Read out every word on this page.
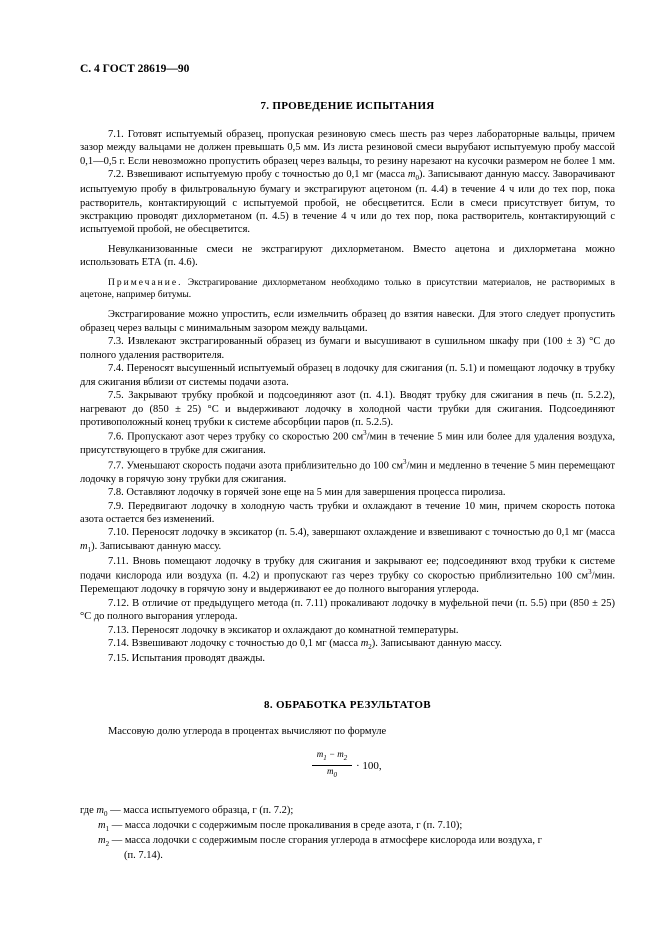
С. 4 ГОСТ 28619—90
7. ПРОВЕДЕНИЕ ИСПЫТАНИЯ

7.1. Готовят испытуемый образец, пропуская резиновую смесь шесть раз через лабораторные вальцы, причем зазор между вальцами не должен превышать 0,5 мм. Из листа резиновой смеси вырубают испытуемую пробу массой 0,1—0,5 г. Если невозможно пропустить образец через вальцы, то резину нарезают на кусочки размером не более 1 мм.

7.2. Взвешивают испытуемую пробу с точностью до 0,1 мг (масса $m_0$). Записывают данную массу. Заворачивают испытуемую пробу в фильтровальную бумагу и экстрагируют ацетоном (п. 4.4) в течение 4 ч или до тех пор, пока растворитель, контактирующий с испытуемой пробой, не обесцветится. Если в смеси присутствует битум, то экстракцию проводят дихлорметаном (п. 4.5) в течение 4 ч или до тех пор, пока растворитель, контактирующий с испытуемой пробой, не обесцветится.

Невулканизованные смеси не экстрагируют дихлорметаном. Вместо ацетона и дихлорметана можно использовать ЕТА (п. 4.6).

Примечание. Экстрагирование дихлорметаном необходимо только в присутствии материалов, не растворимых в ацетоне, например битумы.

Экстрагирование можно упростить, если измельчить образец до взятия навески. Для этого следует пропустить образец через вальцы с минимальным зазором между вальцами.

7.3. Извлекают экстрагированный образец из бумаги и высушивают в сушильном шкафу при (100 ± 3) °С до полного удаления растворителя.

7.4. Переносят высушенный испытуемый образец в лодочку для сжигания (п. 5.1) и помещают лодочку в трубку для сжигания вблизи от системы подачи азота.

7.5. Закрывают трубку пробкой и подсоединяют азот (п. 4.1). Вводят трубку для сжигания в печь (п. 5.2.2), нагревают до (850 ± 25) °С и выдерживают лодочку в холодной части трубки для сжигания. Подсоединяют противоположный конец трубки к системе абсорбции паров (п. 5.2.5).

7.6. Пропускают азот через трубку со скоростью 200 $см^3$/мин в течение 5 мин или более для удаления воздуха, присутствующего в трубке для сжигания.

7.7. Уменьшают скорость подачи азота приблизительно до 100 $см^3$/мин и медленно в течение 5 мин перемещают лодочку в горячую зону трубки для сжигания.

7.8. Оставляют лодочку в горячей зоне еще на 5 мин для завершения процесса пиролиза.

7.9. Передвигают лодочку в холодную часть трубки и охлаждают в течение 10 мин, причем скорость потока азота остается без изменений.

7.10. Переносят лодочку в эксикатор (п. 5.4), завершают охлаждение и взвешивают с точностью до 0,1 мг (масса $m_1$). Записывают данную массу.

7.11. Вновь помещают лодочку в трубку для сжигания и закрывают ее; подсоединяют вход трубки к системе подачи кислорода или воздуха (п. 4.2) и пропускают газ через трубку со скоростью приблизительно 100 $см^3$/мин. Перемещают лодочку в горячую зону и выдерживают ее до полного выгорания углерода.

7.12. В отличие от предыдущего метода (п. 7.11) прокаливают лодочку в муфельной печи (п. 5.5) при (850 ± 25) °С до полного выгорания углерода.

7.13. Переносят лодочку в эксикатор и охлаждают до комнатной температуры.

7.14. Взвешивают лодочку с точностью до 0,1 мг (масса $m_2$). Записывают данную массу.

7.15. Испытания проводят дважды.

8. ОБРАБОТКА РЕЗУЛЬТАТОВ

Массовую долю углерода в процентах вычисляют по формуле

$\frac{m_1 - m_2}{m_0} \cdot 100$,

где $m_0$ — масса испытуемого образца, г (п. 7.2);

$m_1$ — масса лодочки с содержимым после прокаливания в среде азота, г (п. 7.10);

$m_2$ — масса лодочки с содержимым после сгорания углерода в атмосфере кислорода или воздуха, г

(п. 7.14).
